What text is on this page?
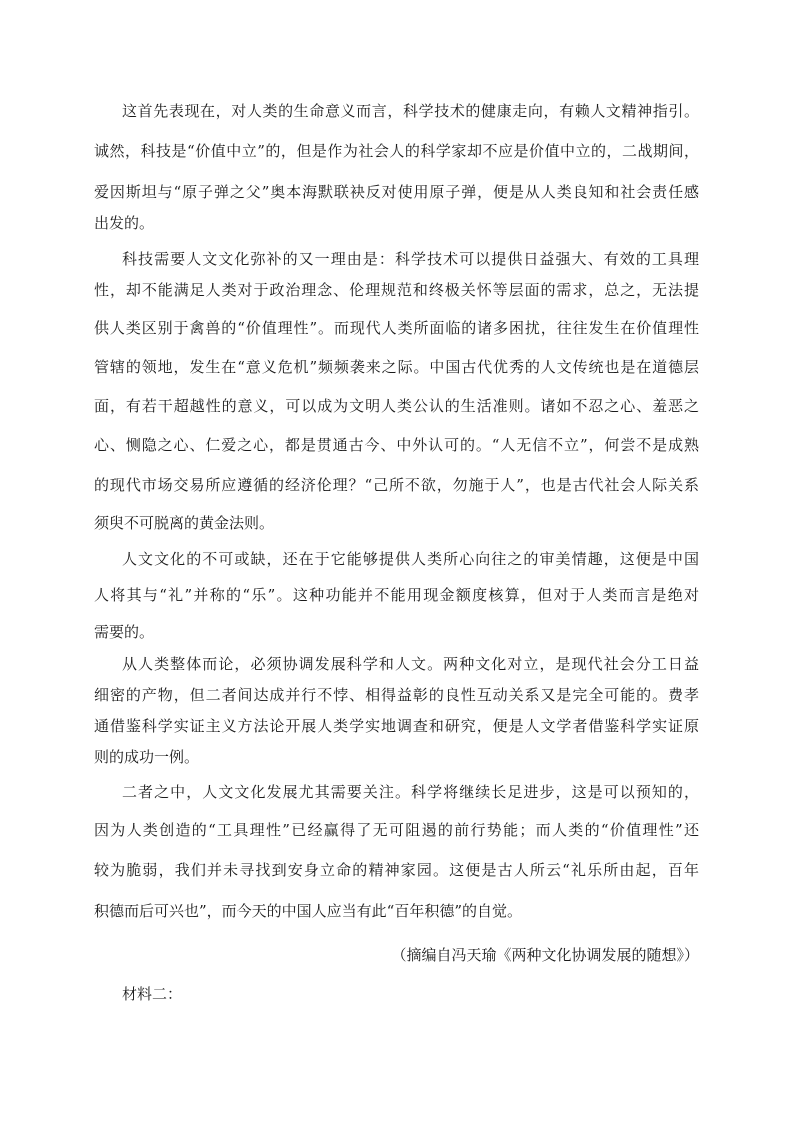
这首先表现在，对人类的生命意义而言，科学技术的健康走向，有赖人文精神指引。
诚然，科技是“价值中立”的，但是作为社会人的科学家却不应是价值中立的，二战期间，
爱因斯坦与“原子弹之父”奥本海默联袂反对使用原子弹，便是从人类良知和社会责任感
出发的。
科技需要人文文化弥补的又一理由是：科学技术可以提供日益强大、有效的工具理
性，却不能满足人类对于政治理念、伦理规范和终极关怀等层面的需求，总之，无法提
供人类区别于禽兽的“价值理性”。而现代人类所面临的诸多困扰，往往发生在价值理性
管辖的领地，发生在“意义危机”频频袭来之际。中国古代优秀的人文传统也是在道德层
面，有若干超越性的意义，可以成为文明人类公认的生活准则。诸如不忍之心、羞恶之
心、恻隐之心、仁爱之心，都是贯通古今、中外认可的。“人无信不立”，何尝不是成熟
的现代市场交易所应遵循的经济伦理？“己所不欲，勿施于人”，也是古代社会人际关系
须臾不可脱离的黄金法则。
人文文化的不可或缺，还在于它能够提供人类所心向往之的审美情趣，这便是中国
人将其与“礼”并称的“乐”。这种功能并不能用现金额度核算，但对于人类而言是绝对
需要的。
从人类整体而论，必须协调发展科学和人文。两种文化对立，是现代社会分工日益
细密的产物，但二者间达成并行不悖、相得益彰的良性互动关系又是完全可能的。费孝
通借鉴科学实证主义方法论开展人类学实地调查和研究，便是人文学者借鉴科学实证原
则的成功一例。
二者之中，人文文化发展尤其需要关注。科学将继续长足进步，这是可以预知的，
因为人类创造的“工具理性”已经赢得了无可阻遏的前行势能；而人类的“价值理性”还
较为脆弱，我们并未寻找到安身立命的精神家园。这便是古人所云“礼乐所由起，百年
积德而后可兴也”，而今天的中国人应当有此“百年积德”的自觉。
（摘编自冯天瑜《两种文化协调发展的随想》）
材料二：
